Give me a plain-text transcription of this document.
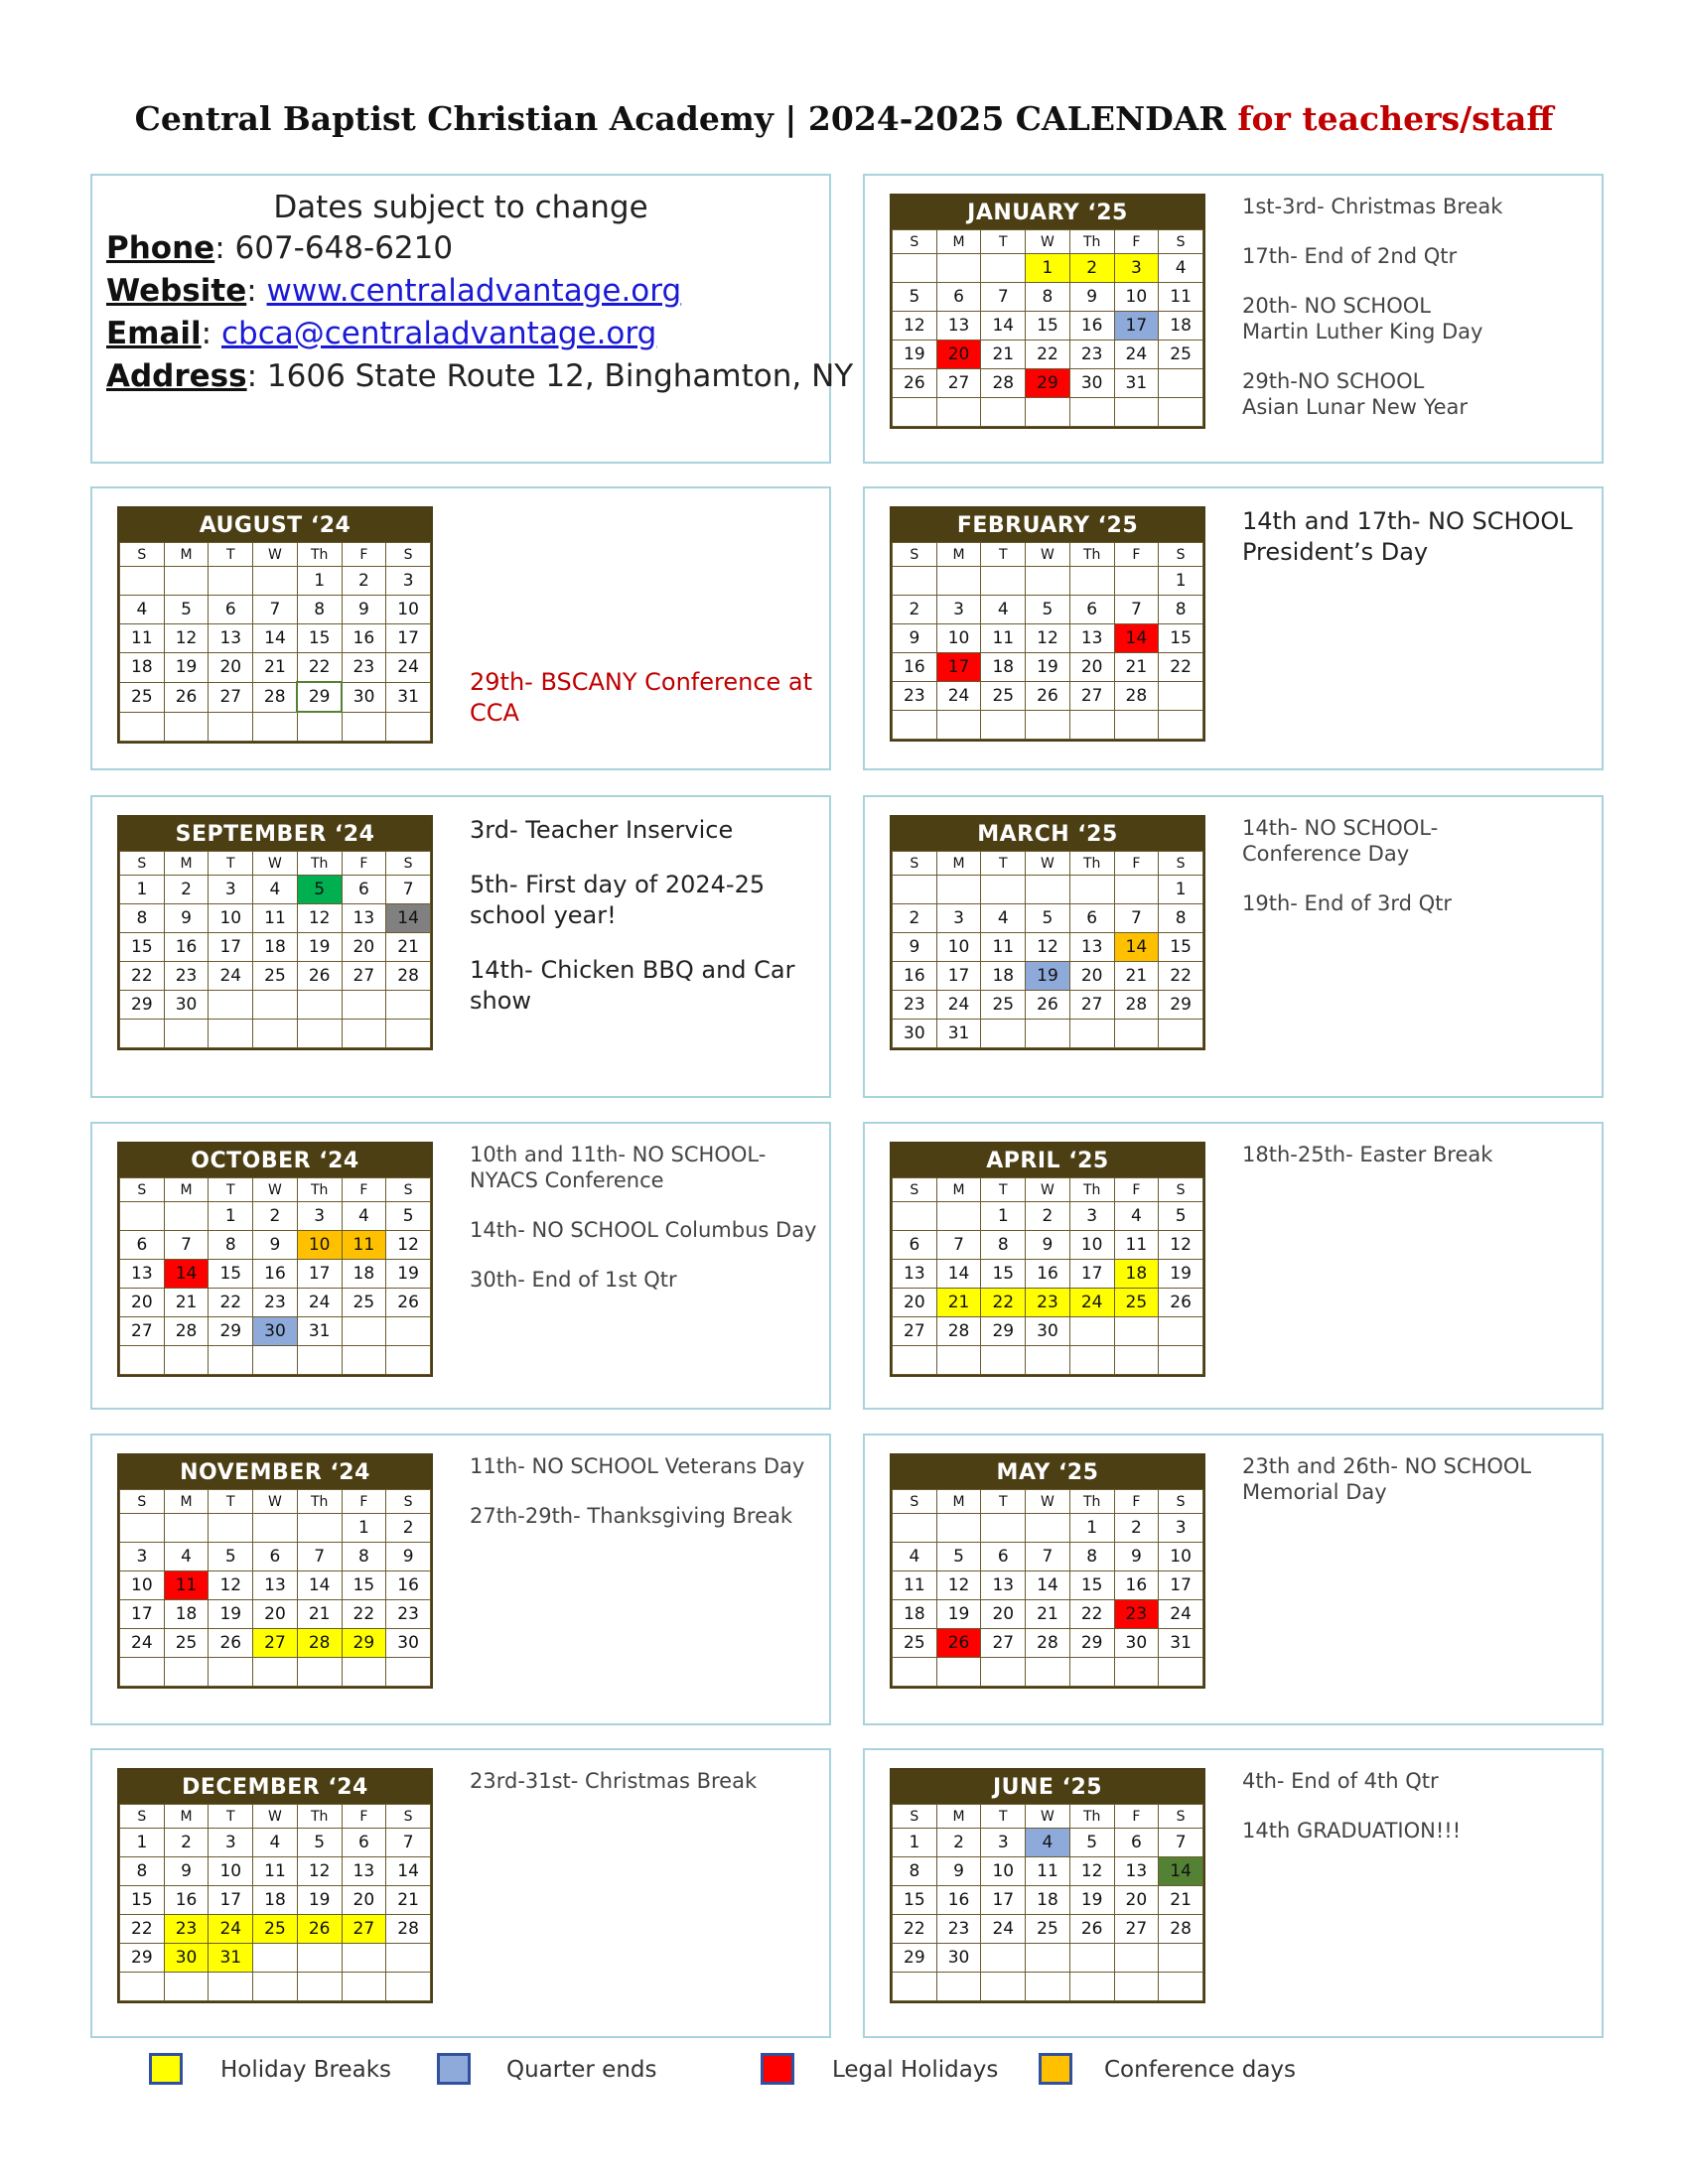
Central Baptist Christian Academy | 2024-2025 CALENDAR for teachers/staff
Dates subject to change
Phone: 607-648-6210
Website: www.centraladvantage.org
Email: cbca@centraladvantage.org
Address: 1606 State Route 12, Binghamton, NY
AUGUST ‘24
S	M	T	W	Th	F	S
				1	2	3
4	5	6	7	8	9	10
11	12	13	14	15	16	17
18	19	20	21	22	23	24
25	26	27	28	29	30	31

29th- BSCANY Conference at CCA

SEPTEMBER ‘24
S	M	T	W	Th	F	S
1	2	3	4	5	6	7
8	9	10	11	12	13	14
15	16	17	18	19	20	21
22	23	24	25	26	27	28
29	30					

3rd- Teacher Inservice

5th- First day of 2024-25 school year!

14th- Chicken BBQ and Car show

OCTOBER ‘24
S	M	T	W	Th	F	S
		1	2	3	4	5
6	7	8	9	10	11	12
13	14	15	16	17	18	19
20	21	22	23	24	25	26
27	28	29	30	31		

10th and 11th- NO SCHOOL- NYACS Conference

14th- NO SCHOOL Columbus Day

30th- End of 1st Qtr

NOVEMBER ‘24
S	M	T	W	Th	F	S
					1	2
3	4	5	6	7	8	9
10	11	12	13	14	15	16
17	18	19	20	21	22	23
24	25	26	27	28	29	30

11th- NO SCHOOL Veterans Day

27th-29th- Thanksgiving Break

DECEMBER ‘24
S	M	T	W	Th	F	S
1	2	3	4	5	6	7
8	9	10	11	12	13	14
15	16	17	18	19	20	21
22	23	24	25	26	27	28
29	30	31				

23rd-31st- Christmas Break

JANUARY ‘25
S	M	T	W	Th	F	S
			1	2	3	4
5	6	7	8	9	10	11
12	13	14	15	16	17	18
19	20	21	22	23	24	25
26	27	28	29	30	31	

1st-3rd- Christmas Break

17th- End of 2nd Qtr

20th- NO SCHOOL
Martin Luther King Day

29th-NO SCHOOL
Asian Lunar New Year

FEBRUARY ‘25
S	M	T	W	Th	F	S
						1
2	3	4	5	6	7	8
9	10	11	12	13	14	15
16	17	18	19	20	21	22
23	24	25	26	27	28	

14th and 17th- NO SCHOOL
President’s Day

MARCH ‘25
S	M	T	W	Th	F	S
						1
2	3	4	5	6	7	8
9	10	11	12	13	14	15
16	17	18	19	20	21	22
23	24	25	26	27	28	29
30	31					

14th- NO SCHOOL-
Conference Day

19th- End of 3rd Qtr

APRIL ‘25
S	M	T	W	Th	F	S
		1	2	3	4	5
6	7	8	9	10	11	12
13	14	15	16	17	18	19
20	21	22	23	24	25	26
27	28	29	30			

18th-25th- Easter Break

MAY ‘25
S	M	T	W	Th	F	S
				1	2	3
4	5	6	7	8	9	10
11	12	13	14	15	16	17
18	19	20	21	22	23	24
25	26	27	28	29	30	31

23th and 26th- NO SCHOOL
Memorial Day

JUNE ‘25
S	M	T	W	Th	F	S
1	2	3	4	5	6	7
8	9	10	11	12	13	14
15	16	17	18	19	20	21
22	23	24	25	26	27	28
29	30					

4th- End of 4th Qtr

14th GRADUATION!!!

Holiday Breaks	Quarter ends	Legal Holidays	Conference days
